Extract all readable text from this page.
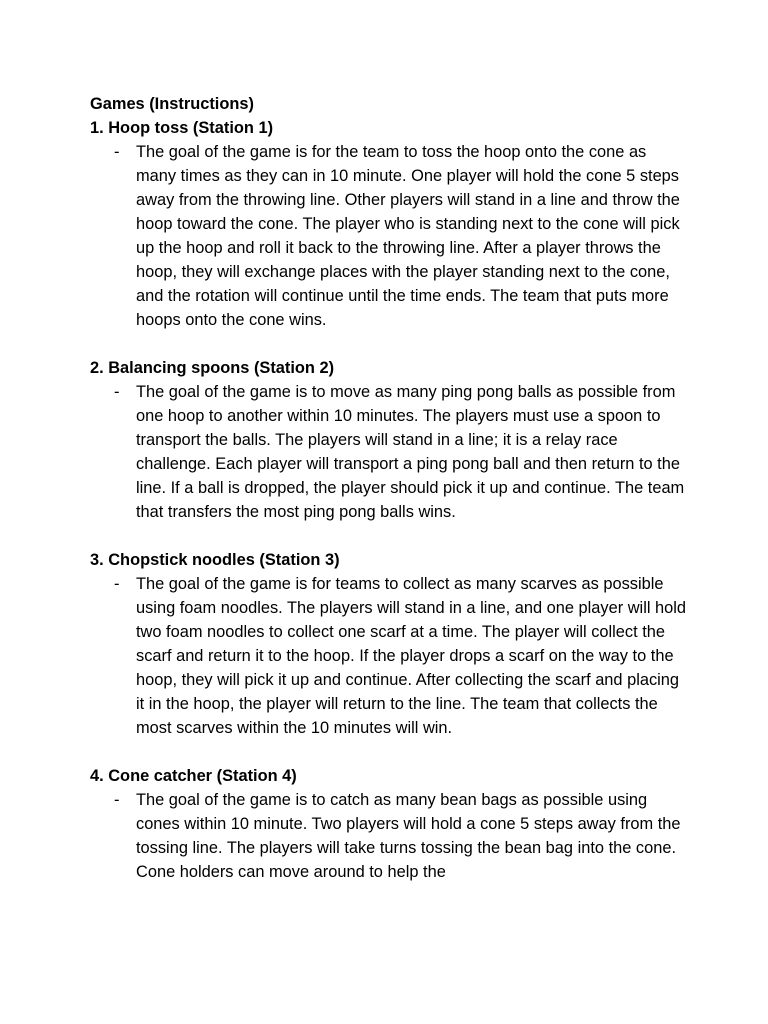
Games (Instructions)

1. Hoop toss (Station 1)

- The goal of the game is for the team to toss the hoop onto the cone as many times as they can in 10 minute. One player will hold the cone 5 steps away from the throwing line. Other players will stand in a line and throw the hoop toward the cone. The player who is standing next to the cone will pick up the hoop and roll it back to the throwing line. After a player throws the hoop, they will exchange places with the player standing next to the cone, and the rotation will continue until the time ends. The team that puts more hoops onto the cone wins.

2. Balancing spoons (Station 2)

- The goal of the game is to move as many ping pong balls as possible from one hoop to another within 10 minutes. The players must use a spoon to transport the balls. The players will stand in a line; it is a relay race challenge. Each player will transport a ping pong ball and then return to the line. If a ball is dropped, the player should pick it up and continue. The team that transfers the most ping pong balls wins.

3. Chopstick noodles (Station 3)

- The goal of the game is for teams to collect as many scarves as possible using foam noodles. The players will stand in a line, and one player will hold two foam noodles to collect one scarf at a time. The player will collect the scarf and return it to the hoop. If the player drops a scarf on the way to the hoop, they will pick it up and continue. After collecting the scarf and placing it in the hoop, the player will return to the line. The team that collects the most scarves within the 10 minutes will win.

4. Cone catcher (Station 4)

- The goal of the game is to catch as many bean bags as possible using cones within 10 minute. Two players will hold a cone 5 steps away from the tossing line. The players will take turns tossing the bean bag into the cone. Cone holders can move around to help the
